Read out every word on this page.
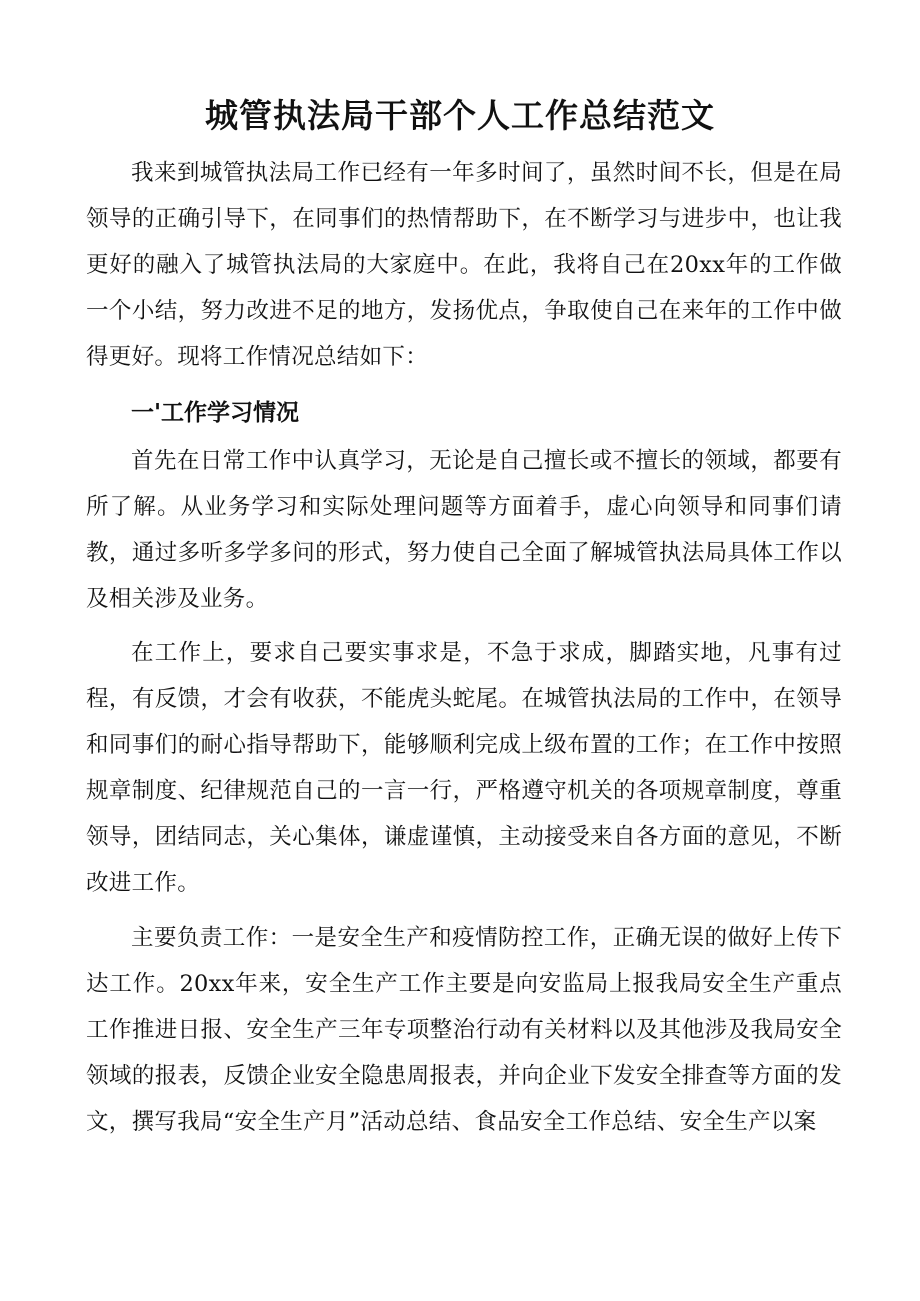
城管执法局干部个人工作总结范文

我来到城管执法局工作已经有一年多时间了，虽然时间不长，但是在局领导的正确引导下，在同事们的热情帮助下，在不断学习与进步中，也让我更好的融入了城管执法局的大家庭中。在此，我将自己在20xx年的工作做一个小结，努力改进不足的地方，发扬优点，争取使自己在来年的工作中做得更好。现将工作情况总结如下：

一'工作学习情况

首先在日常工作中认真学习，无论是自己擅长或不擅长的领域，都要有所了解。从业务学习和实际处理问题等方面着手，虚心向领导和同事们请教，通过多听多学多问的形式，努力使自己全面了解城管执法局具体工作以及相关涉及业务。

在工作上，要求自己要实事求是，不急于求成，脚踏实地，凡事有过程，有反馈，才会有收获，不能虎头蛇尾。在城管执法局的工作中，在领导和同事们的耐心指导帮助下，能够顺利完成上级布置的工作；在工作中按照规章制度、纪律规范自己的一言一行，严格遵守机关的各项规章制度，尊重领导，团结同志，关心集体，谦虚谨慎，主动接受来自各方面的意见，不断改进工作。

主要负责工作：一是安全生产和疫情防控工作，正确无误的做好上传下达工作。20xx年来，安全生产工作主要是向安监局上报我局安全生产重点工作推进日报、安全生产三年专项整治行动有关材料以及其他涉及我局安全领域的报表，反馈企业安全隐患周报表，并向企业下发安全排查等方面的发文，撰写我局“安全生产月”活动总结、食品安全工作总结、安全生产以案
